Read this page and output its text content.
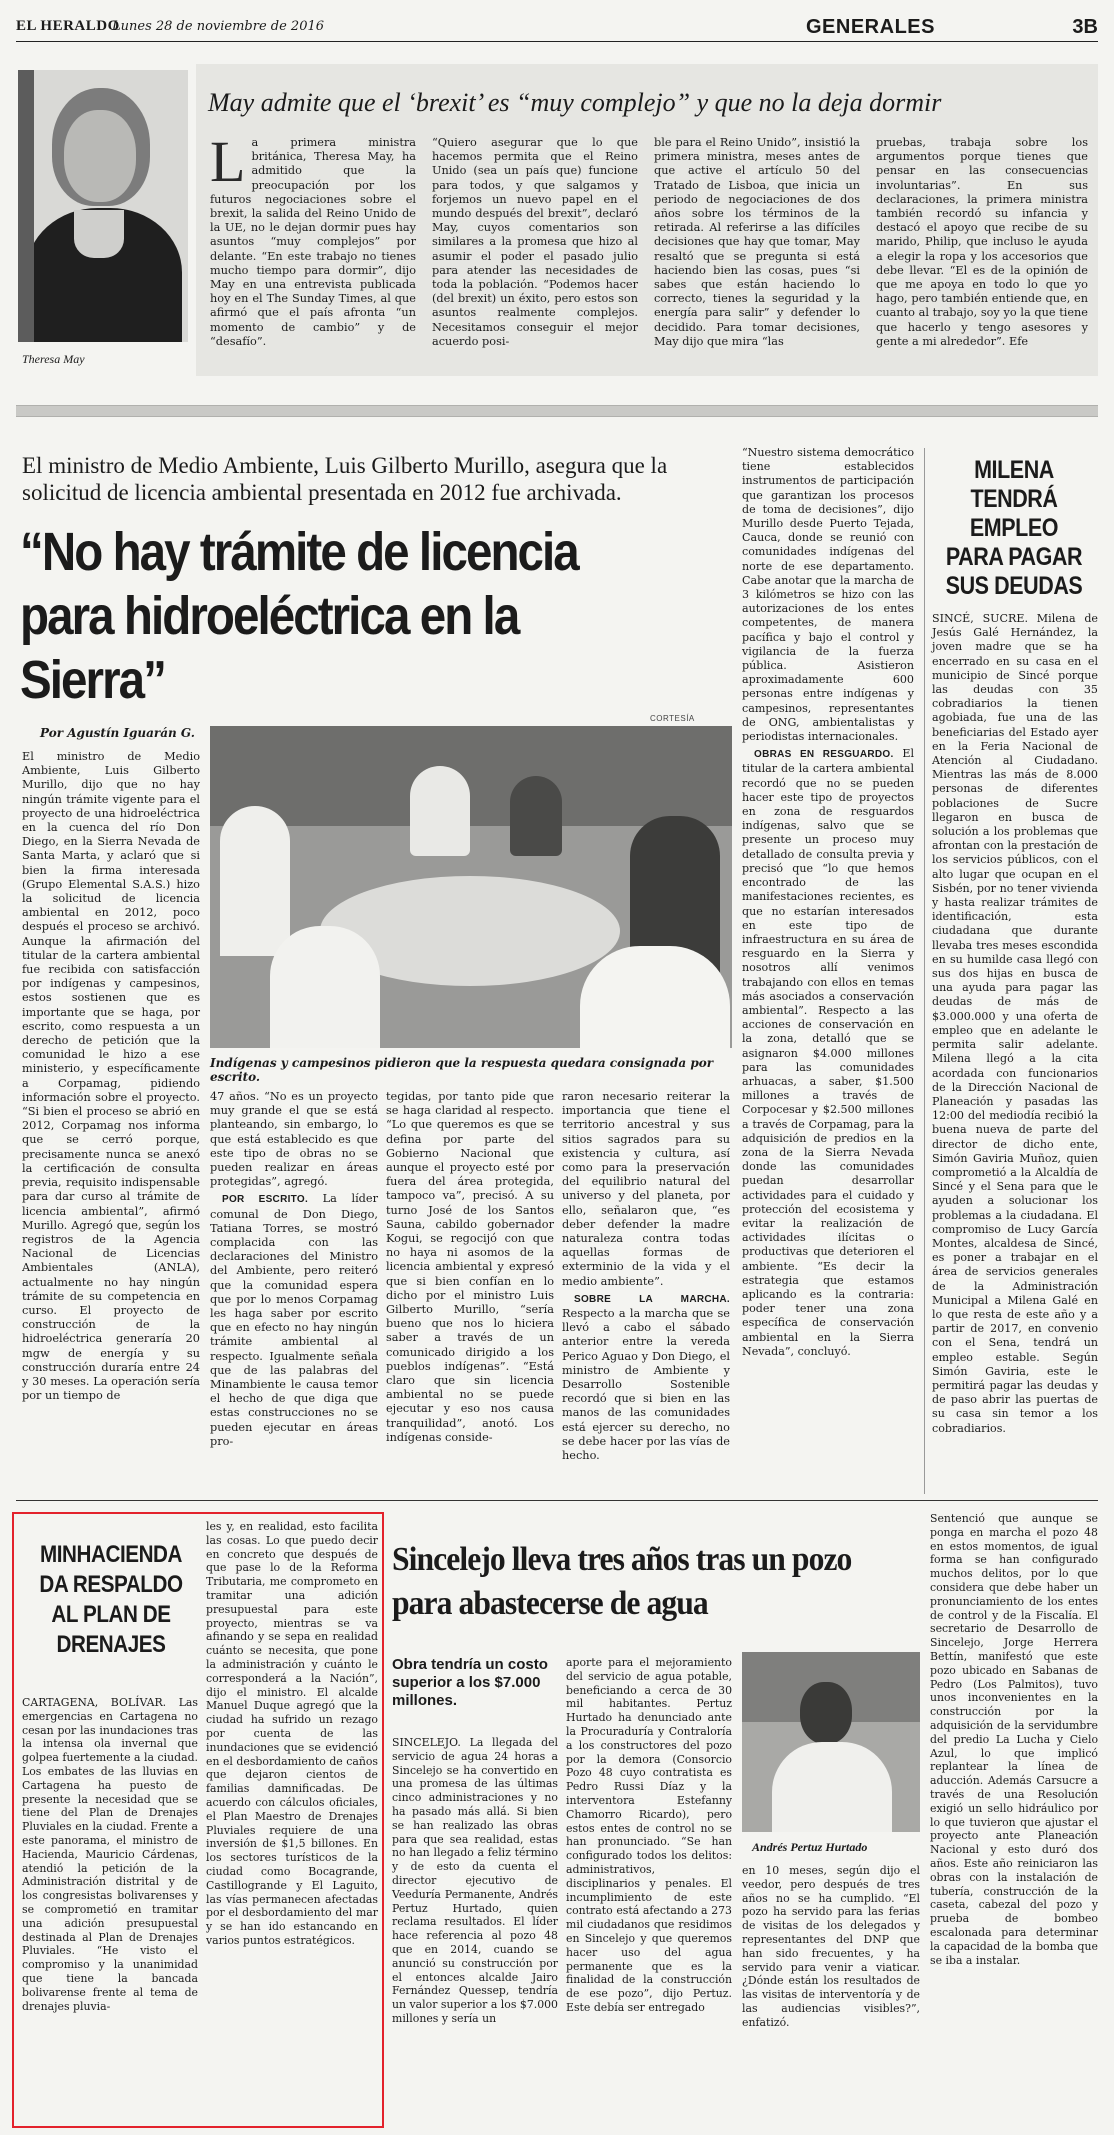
EL HERALDO
Lunes 28 de noviembre de 2016	GENERALES	3B
Theresa May
May admite que el ‘brexit’ es “muy complejo” y que no la deja dormir
L a primera ministra británica, Theresa May, ha admitido que la preocupación por los futuros negociaciones sobre el brexit, la salida del Reino Unido de la UE, no le dejan dormir pues hay asuntos “muy complejos” por delante. “En este trabajo no tienes mucho tiempo para dormir”, dijo May en una entrevista publicada hoy en el The Sunday Times, al que afirmó que el país afronta “un momento de cambio” y de “desafío”.
“Quiero asegurar que lo que hacemos permita que el Reino Unido (sea un país que) funcione para todos, y que salgamos y forjemos un nuevo papel en el mundo después del brexit”, declaró May, cuyos comentarios son similares a la promesa que hizo al asumir el poder el pasado julio para atender las necesidades de toda la población. “Podemos hacer (del brexit) un éxito, pero estos son asuntos realmente complejos. Necesitamos conseguir el mejor acuerdo posi-
ble para el Reino Unido”, insistió la primera ministra, meses antes de que active el artículo 50 del Tratado de Lisboa, que inicia un periodo de negociaciones de dos años sobre los términos de la retirada. Al referirse a las difíciles decisiones que hay que tomar, May resaltó que se pregunta si está haciendo bien las cosas, pues “si sabes que están haciendo lo correcto, tienes la seguridad y la energía para salir” y defender lo decidido. Para tomar decisiones, May dijo que mira “las
pruebas, trabaja sobre los argumentos porque tienes que pensar en las consecuencias involuntarias”. En sus declaraciones, la primera ministra también recordó su infancia y destacó el apoyo que recibe de su marido, Philip, que incluso le ayuda a elegir la ropa y los accesorios que debe llevar. “El es de la opinión de que me apoya en todo lo que yo hago, pero también entiende que, en cuanto al trabajo, soy yo la que tiene que hacerlo y tengo asesores y gente a mi alrededor”. Efe
El ministro de Medio Ambiente, Luis Gilberto Murillo, asegura que la solicitud de licencia ambiental presentada en 2012 fue archivada.
“No hay trámite de licencia para hidroeléctrica en la Sierra”
Por Agustín Iguarán G.
CORTESÍA
Indígenas y campesinos pidieron que la respuesta quedara consignada por escrito.
El ministro de Medio Ambiente, Luis Gilberto Murillo, dijo que no hay ningún trámite vigente para el proyecto de una hidroeléctrica en la cuenca del río Don Diego, en la Sierra Nevada de Santa Marta, y aclaró que si bien la firma interesada (Grupo Elemental S.A.S.) hizo la solicitud de licencia ambiental en 2012, poco después el proceso se archivó. Aunque la afirmación del titular de la cartera ambiental fue recibida con satisfacción por indígenas y campesinos, estos sostienen que es importante que se haga, por escrito, como respuesta a un derecho de petición que la comunidad le hizo a ese ministerio, y específicamente a Corpamag, pidiendo información sobre el proyecto. “Si bien el proceso se abrió en 2012, Corpamag nos informa que se cerró porque, precisamente nunca se anexó la certificación de consulta previa, requisito indispensable para dar curso al trámite de licencia ambiental”, afirmó Murillo. Agregó que, según los registros de la Agencia Nacional de Licencias Ambientales (ANLA), actualmente no hay ningún trámite de su competencia en curso. El proyecto de construcción de la hidroeléctrica generaría 20 mgw de energía y su construcción duraría entre 24 y 30 meses. La operación sería por un tiempo de

47 años. “No es un proyecto muy grande el que se está planteando, sin embargo, lo que está establecido es que este tipo de obras no se pueden realizar en áreas protegidas”, agregó.

POR ESCRITO. La líder comunal de Don Diego, Tatiana Torres, se mostró complacida con las declaraciones del Ministro del Ambiente, pero reiteró que la comunidad espera que por lo menos Corpamag les haga saber por escrito que en efecto no hay ningún trámite ambiental al respecto. Igualmente señala que de las palabras del Minambiente le causa temor el hecho de que diga que estas construcciones no se pueden ejecutar en áreas pro-

tegidas, por tanto pide que se haga claridad al respecto. “Lo que queremos es que se defina por parte del Gobierno Nacional que aunque el proyecto esté por fuera del área protegida, tampoco va”, precisó. A su turno José de los Santos Sauna, cabildo gobernador Kogui, se regocijó con que no haya ni asomos de la licencia ambiental y expresó que si bien confían en lo dicho por el ministro Luis Gilberto Murillo, “sería bueno que nos lo hiciera saber a través de un comunicado dirigido a los pueblos indígenas”. “Está claro que sin licencia ambiental no se puede ejecutar y eso nos causa tranquilidad”, anotó. Los indígenas conside-

raron necesario reiterar la importancia que tiene el territorio ancestral y sus sitios sagrados para su existencia y cultura, así como para la preservación del equilibrio natural del universo y del planeta, por ello, señalaron que, “es deber defender la madre naturaleza contra todas aquellas formas de exterminio de la vida y el medio ambiente”.

SOBRE LA MARCHA. Respecto a la marcha que se llevó a cabo el sábado anterior entre la vereda Perico Aguao y Don Diego, el ministro de Ambiente y Desarrollo Sostenible recordó que si bien en las manos de las comunidades está ejercer su derecho, no se debe hacer por las vías de hecho.

“Nuestro sistema democrático tiene establecidos instrumentos de participación que garantizan los procesos de toma de decisiones”, dijo Murillo desde Puerto Tejada, Cauca, donde se reunió con comunidades indígenas del norte de ese departamento. Cabe anotar que la marcha de 3 kilómetros se hizo con las autorizaciones de los entes competentes, de manera pacífica y bajo el control y vigilancia de la fuerza pública. Asistieron aproximadamente 600 personas entre indígenas y campesinos, representantes de ONG, ambientalistas y periodistas internacionales.

OBRAS EN RESGUARDO. El titular de la cartera ambiental recordó que no se pueden hacer este tipo de proyectos en zona de resguardos indígenas, salvo que se presente un proceso muy detallado de consulta previa y precisó que “lo que hemos encontrado de las manifestaciones recientes, es que no estarían interesados en este tipo de infraestructura en su área de resguardo en la Sierra y nosotros allí venimos trabajando con ellos en temas más asociados a conservación ambiental”. Respecto a las acciones de conservación en la zona, detalló que se asignaron $4.000 millones para las comunidades arhuacas, a saber, $1.500 millones a través de Corpocesar y $2.500 millones a través de Corpamag, para la adquisición de predios en la zona de la Sierra Nevada donde las comunidades puedan desarrollar actividades para el cuidado y protección del ecosistema y evitar la realización de actividades ilícitas o productivas que deterioren el ambiente. “Es decir la estrategia que estamos aplicando es la contraria: poder tener una zona específica de conservación ambiental en la Sierra Nevada”, concluyó.

MILENA TENDRÁ EMPLEO PARA PAGAR SUS DEUDAS

SINCÉ, SUCRE. Milena de Jesús Galé Hernández, la joven madre que se ha encerrado en su casa en el municipio de Sincé porque las deudas con 35 cobradiarios la tienen agobiada, fue una de las beneficiarias del Estado ayer en la Feria Nacional de Atención al Ciudadano. Mientras las más de 8.000 personas de diferentes poblaciones de Sucre llegaron en busca de solución a los problemas que afrontan con la prestación de los servicios públicos, con el alto lugar que ocupan en el Sisbén, por no tener vivienda y hasta realizar trámites de identificación, esta ciudadana que durante llevaba tres meses escondida en su humilde casa llegó con sus dos hijas en busca de una ayuda para pagar las deudas de más de $3.000.000 y una oferta de empleo que en adelante le permita salir adelante. Milena llegó a la cita acordada con funcionarios de la Dirección Nacional de Planeación y pasadas las 12:00 del mediodía recibió la buena nueva de parte del director de dicho ente, Simón Gaviria Muñoz, quien comprometió a la Alcaldía de Sincé y el Sena para que le ayuden a solucionar los problemas a la ciudadana. El compromiso de Lucy García Montes, alcaldesa de Sincé, es poner a trabajar en el área de servicios generales de la Administración Municipal a Milena Galé en lo que resta de este año y a partir de 2017, en convenio con el Sena, tendrá un empleo estable. Según Simón Gaviria, este le permitirá pagar las deudas y de paso abrir las puertas de su casa sin temor a los cobradiarios.

MINHACIENDA DA RESPALDO AL PLAN DE DRENAJES

CARTAGENA, BOLÍVAR. Las emergencias en Cartagena no cesan por las inundaciones tras la intensa ola invernal que golpea fuertemente a la ciudad. Los embates de las lluvias en Cartagena ha puesto de presente la necesidad que se tiene del Plan de Drenajes Pluviales en la ciudad. Frente a este panorama, el ministro de Hacienda, Mauricio Cárdenas, atendió la petición de la Administración distrital y de los congresistas bolivarenses y se comprometió en tramitar una adición presupuestal destinada al Plan de Drenajes Pluviales. “He visto el compromiso y la unanimidad que tiene la bancada bolivarense frente al tema de drenajes pluvia-

les y, en realidad, esto facilita las cosas. Lo que puedo decir en concreto que después de que pase lo de la Reforma Tributaria, me comprometo en tramitar una adición presupuestal para este proyecto, mientras se va afinando y se sepa en realidad cuánto se necesita, que pone la administración y cuánto le corresponderá a la Nación”, dijo el ministro. El alcalde Manuel Duque agregó que la ciudad ha sufrido un rezago por cuenta de las inundaciones que se evidenció en el desbordamiento de caños que dejaron cientos de familias damnificadas. De acuerdo con cálculos oficiales, el Plan Maestro de Drenajes Pluviales requiere de una inversión de $1,5 billones. En los sectores turísticos de la ciudad como Bocagrande, Castillogrande y El Laguito, las vías permanecen afectadas por el desbordamiento del mar y se han ido estancando en varios puntos estratégicos.
Sincelejo lleva tres años tras un pozo para abastecerse de agua
Obra tendría un costo superior a los $7.000 millones.

SINCELEJO. La llegada del servicio de agua 24 horas a Sincelejo se ha convertido en una promesa de las últimas cinco administraciones y no ha pasado más allá. Si bien se han realizado las obras para que sea realidad, estas no han llegado a feliz término y de esto da cuenta el director ejecutivo de Veeduría Permanente, Andrés Pertuz Hurtado, quien reclama resultados. El líder hace referencia al pozo 48 que en 2014, cuando se anunció su construcción por el entonces alcalde Jairo Fernández Quessep, tendría un valor superior a los $7.000 millones y sería un

aporte para el mejoramiento del servicio de agua potable, beneficiando a cerca de 30 mil habitantes. Pertuz Hurtado ha denunciado ante la Procuraduría y Contraloría a los constructores del pozo por la demora (Consorcio Pozo 48 cuyo contratista es Pedro Russi Díaz y la interventora Estefanny Chamorro Ricardo), pero estos entes de control no se han pronunciado. “Se han configurado todos los delitos: administrativos, disciplinarios y penales. El incumplimiento de este contrato está afectando a 273 mil ciudadanos que residimos en Sincelejo y que queremos hacer uso del agua permanente que es la finalidad de la construcción de ese pozo”, dijo Pertuz. Este debía ser entregado
Andrés Pertuz Hurtado
en 10 meses, según dijo el veedor, pero después de tres años no se ha cumplido. “El pozo ha servido para las ferias de visitas de los delegados y representantes del DNP que han sido frecuentes, y ha servido para venir a viaticar. ¿Dónde están los resultados de las visitas de interventoría y de las audiencias visibles?”, enfatizó.
Sentenció que aunque se ponga en marcha el pozo 48 en estos momentos, de igual forma se han configurado muchos delitos, por lo que considera que debe haber un pronunciamiento de los entes de control y de la Fiscalía. El secretario de Desarrollo de Sincelejo, Jorge Herrera Bettín, manifestó que este pozo ubicado en Sabanas de Pedro (Los Palmitos), tuvo unos inconvenientes en la construcción por la adquisición de la servidumbre del predio La Lucha y Cielo Azul, lo que implicó replantear la línea de aducción. Además Carsucre a través de una Resolución exigió un sello hidráulico por lo que tuvieron que ajustar el proyecto ante Planeación Nacional y esto duró dos años. Este año reiniciaron las obras con la instalación de tubería, construcción de la caseta, cabezal del pozo y prueba de bombeo escalonada para determinar la capacidad de la bomba que se iba a instalar.
